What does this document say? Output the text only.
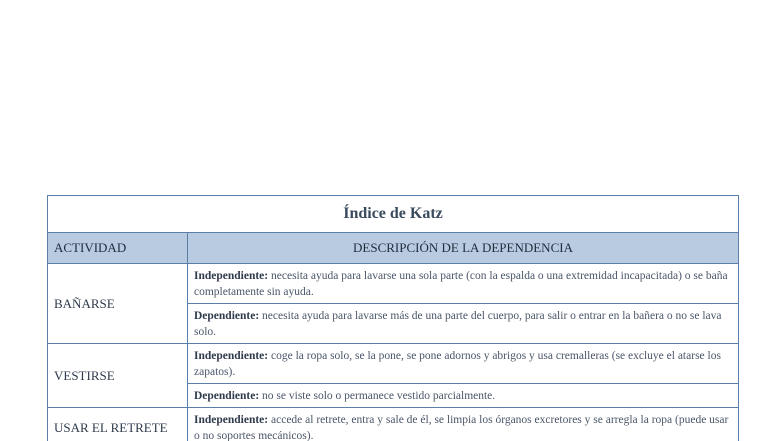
Índice de Katz
ACTIVIDAD	DESCRIPCIÓN DE LA DEPENDENCIA
BAÑARSE
Independiente: necesita ayuda para lavarse una sola parte (con la espalda o una extremidad incapacitada) o se baña completamente sin ayuda.
Dependiente: necesita ayuda para lavarse más de una parte del cuerpo, para salir o entrar en la bañera o no se lava solo.
VESTIRSE
Independiente: coge la ropa solo, se la pone, se pone adornos y abrigos y usa cremalleras (se excluye el atarse los zapatos).
Dependiente: no se viste solo o permanece vestido parcialmente.
USAR EL RETRETE	Independiente: accede al retrete, entra y sale de él, se limpia los órganos excretores y se arregla la ropa (puede usar o no soportes mecánicos).
